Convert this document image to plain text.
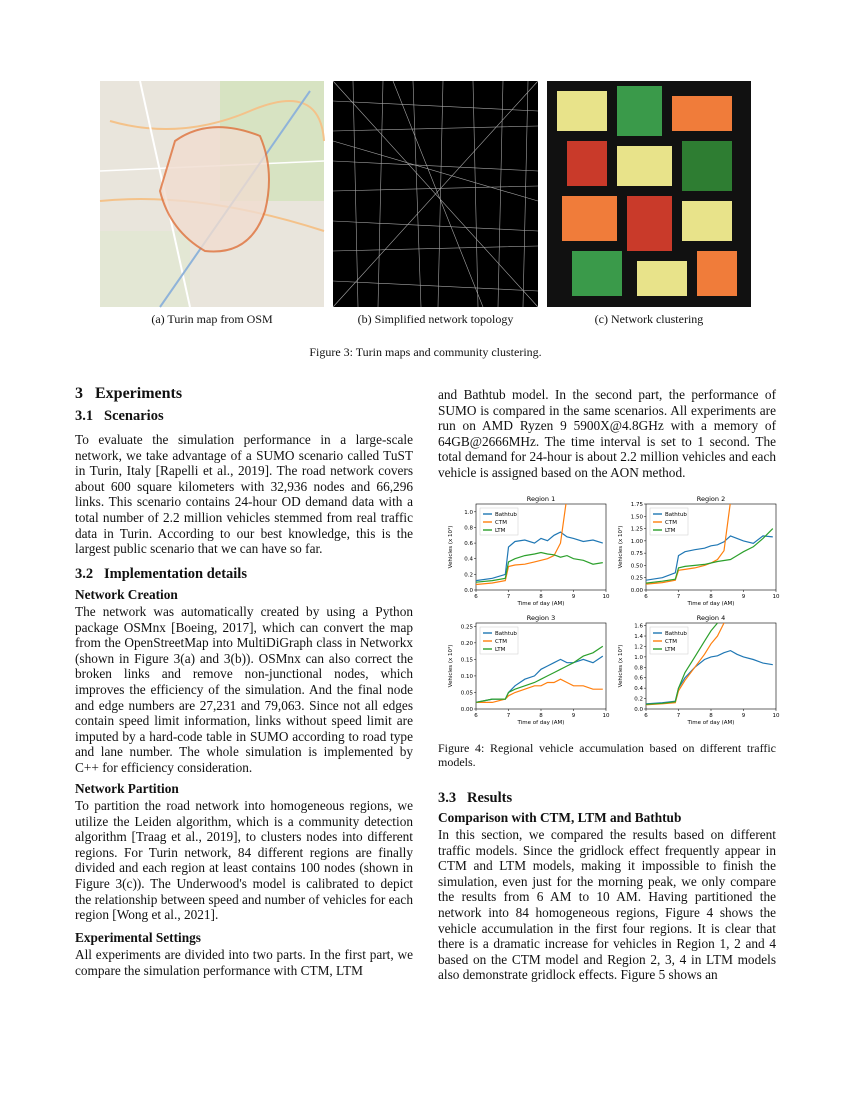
(a) Turin map from OSM	(b) Simplified network topology	(c) Network clustering
Figure 3: Turin maps and community clustering.
3 Experiments
3.1 Scenarios
To evaluate the simulation performance in a large-scale network, we take advantage of a SUMO scenario called TuST in Turin, Italy [Rapelli et al., 2019]. The road network covers about 600 square kilometers with 32,936 nodes and 66,296 links. This scenario contains 24-hour OD demand data with a total number of 2.2 million vehicles stemmed from real traffic data in Turin. According to our best knowledge, this is the largest public scenario that we can have so far.
3.2 Implementation details
Network Creation
The network was automatically created by using a Python package OSMnx [Boeing, 2017], which can convert the map from the OpenStreetMap into MultiDiGraph class in Networkx (shown in Figure 3(a) and 3(b)). OSMnx can also correct the broken links and remove non-junctional nodes, which improves the efficiency of the simulation. And the final node and edge numbers are 27,231 and 79,063. Since not all edges contain speed limit information, links without speed limit are imputed by a hard-code table in SUMO according to road type and lane number. The whole simulation is implemented by C++ for efficiency consideration.
Network Partition
To partition the road network into homogeneous regions, we utilize the Leiden algorithm, which is a community detection algorithm [Traag et al., 2019], to clusters nodes into different regions. For Turin network, 84 different regions are finally divided and each region at least contains 100 nodes (shown in Figure 3(c)). The Underwood's model is calibrated to depict the relationship between speed and number of vehicles for each region [Wong et al., 2021].
Experimental Settings
All experiments are divided into two parts. In the first part, we compare the simulation performance with CTM, LTM
and Bathtub model. In the second part, the performance of SUMO is compared in the same scenarios. All experiments are run on AMD Ryzen 9 5900X@4.8GHz with a memory of 64GB@2666MHz. The time interval is set to 1 second. The total demand for 24-hour is about 2.2 million vehicles and each vehicle is assigned based on the AON method.
Region 1
0.0
0.2
0.4
0.6
0.8
1.0
6	7	8	9	10
Time of day (AM)
Vehicles (x 10³)
Bathtub
CTM
LTM
Region 2
0.00
0.25
0.50
0.75
1.00
1.25
1.50
1.75
6	7	8	9	10
Time of day (AM)
Vehicles (x 10³)
Bathtub
CTM
LTM
Region 3
0.00
0.05
0.10
0.15
0.20
0.25
6	7	8	9	10
Time of day (AM)
Vehicles (x 10³)
Bathtub
CTM
LTM
Region 4
0.0
0.2
0.4
0.6
0.8
1.0
1.2
1.4
1.6
6	7	8	9	10
Time of day (AM)
Vehicles (x 10³)
Bathtub
CTM
LTM
Figure 4: Regional vehicle accumulation based on different traffic models.
3.3 Results
Comparison with CTM, LTM and Bathtub
In this section, we compared the results based on different traffic models. Since the gridlock effect frequently appear in CTM and LTM models, making it impossible to finish the simulation, even just for the morning peak, we only compare the results from 6 AM to 10 AM. Having partitioned the network into 84 homogeneous regions, Figure 4 shows the vehicle accumulation in the first four regions. It is clear that there is a dramatic increase for vehicles in Region 1, 2 and 4 based on the CTM model and Region 2, 3, 4 in LTM models also demonstrate gridlock effects. Figure 5 shows an
